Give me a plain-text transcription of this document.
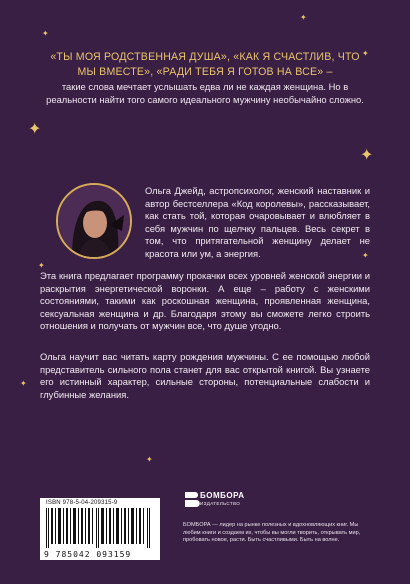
✦
✦
✦
✦
✦
✦
✦
✦
✦
«ТЫ МОЯ РОДСТВЕННАЯ ДУША», «КАК Я СЧАСТЛИВ, ЧТО МЫ ВМЕСТЕ», «РАДИ ТЕБЯ Я ГОТОВ НА ВСЕ» –
такие слова мечтает услышать едва ли не каждая женщина. Но в реальности найти того самого идеального мужчину необычайно сложно.
Ольга Джейд, астропсихолог, женский наставник и автор бестселлера «Код королевы», рассказывает, как стать той, которая очаровывает и влюбляет в себя мужчин по щелчку пальцев. Весь секрет в том, что притягательной женщину делает не красота или ум, а энергия.
Эта книга предлагает программу прокачки всех уровней женской энергии и раскрытия энергетической воронки. А еще – работу с женскими состояниями, такими как роскошная женщина, проявленная женщина, сексуальная женщина и др. Благодаря этому вы сможете легко строить отношения и получать от мужчин все, что душе угодно.
Ольга научит вас читать карту рождения мужчины. С ее помощью любой представитель сильного пола станет для вас открытой книгой. Вы узнаете его истинный характер, сильные стороны, потенциальные слабости и глубинные желания.
ISBN 978-5-04-209315-9
9 785042 093159
БОМБОРА
ИЗДАТЕЛЬСТВО
БОМБОРА — лидер на рынке полезных и вдохновляющих книг. Мы любим книги и создаем их, чтобы вы могли творить, открывать мир, пробовать новое, расти. Быть счастливыми. Быть на волне.
